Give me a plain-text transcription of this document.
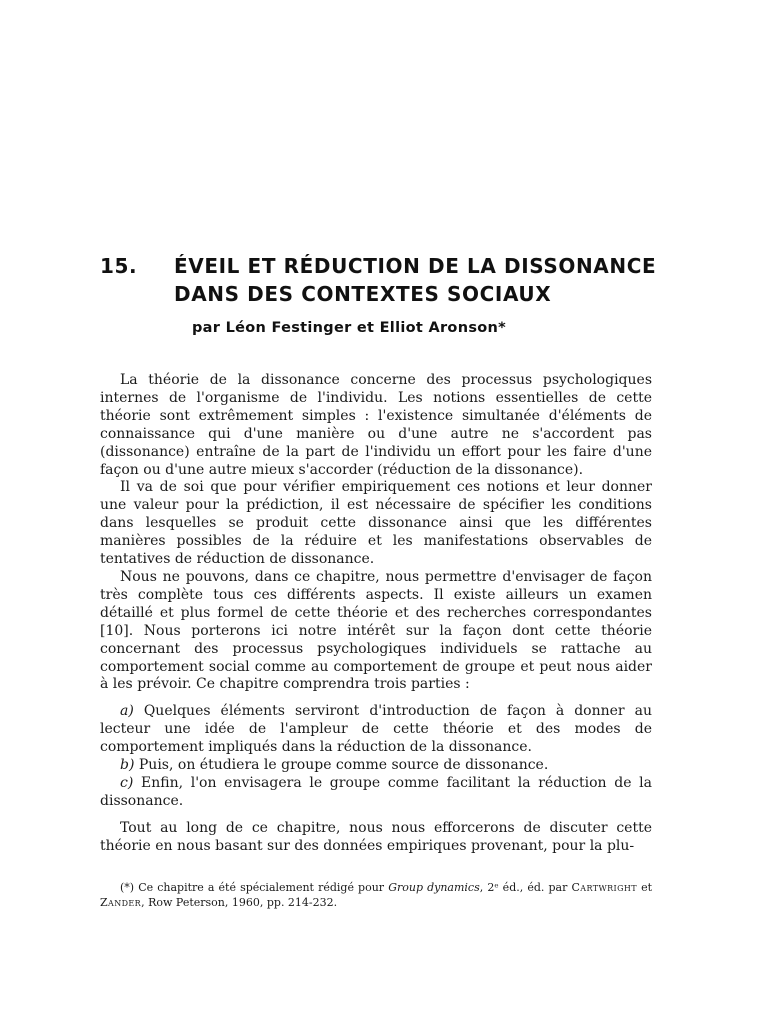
15. ÉVEIL ET RÉDUCTION DE LA DISSONANCE
DANS DES CONTEXTES SOCIAUX
par Léon Festinger et Elliot Aronson*

La théorie de la dissonance concerne des processus psychologiques internes de l'organisme de l'individu. Les notions essentielles de cette théorie sont extrêmement simples : l'existence simultanée d'éléments de connaissance qui d'une manière ou d'une autre ne s'accordent pas (dissonance) entraîne de la part de l'individu un effort pour les faire d'une façon ou d'une autre mieux s'accorder (réduction de la dissonance).

Il va de soi que pour vérifier empiriquement ces notions et leur donner une valeur pour la prédiction, il est nécessaire de spécifier les conditions dans lesquelles se produit cette dissonance ainsi que les différentes manières possibles de la réduire et les manifestations observables de tentatives de réduction de dissonance.

Nous ne pouvons, dans ce chapitre, nous permettre d'envisager de façon très complète tous ces différents aspects. Il existe ailleurs un examen détaillé et plus formel de cette théorie et des recherches correspondantes [10]. Nous porterons ici notre intérêt sur la façon dont cette théorie concernant des processus psychologiques individuels se rattache au comportement social comme au comportement de groupe et peut nous aider à les prévoir. Ce chapitre comprendra trois parties :

a) Quelques éléments serviront d'introduction de façon à donner au lecteur une idée de l'ampleur de cette théorie et des modes de comportement impliqués dans la réduction de la dissonance.

b) Puis, on étudiera le groupe comme source de dissonance.

c) Enfin, l'on envisagera le groupe comme facilitant la réduction de la dissonance.

Tout au long de ce chapitre, nous nous efforcerons de discuter cette théorie en nous basant sur des données empiriques provenant, pour la plu-

(*) Ce chapitre a été spécialement rédigé pour Group dynamics, 2ᵉ éd., éd. par Cartwright et Zander, Row Peterson, 1960, pp. 214-232.
